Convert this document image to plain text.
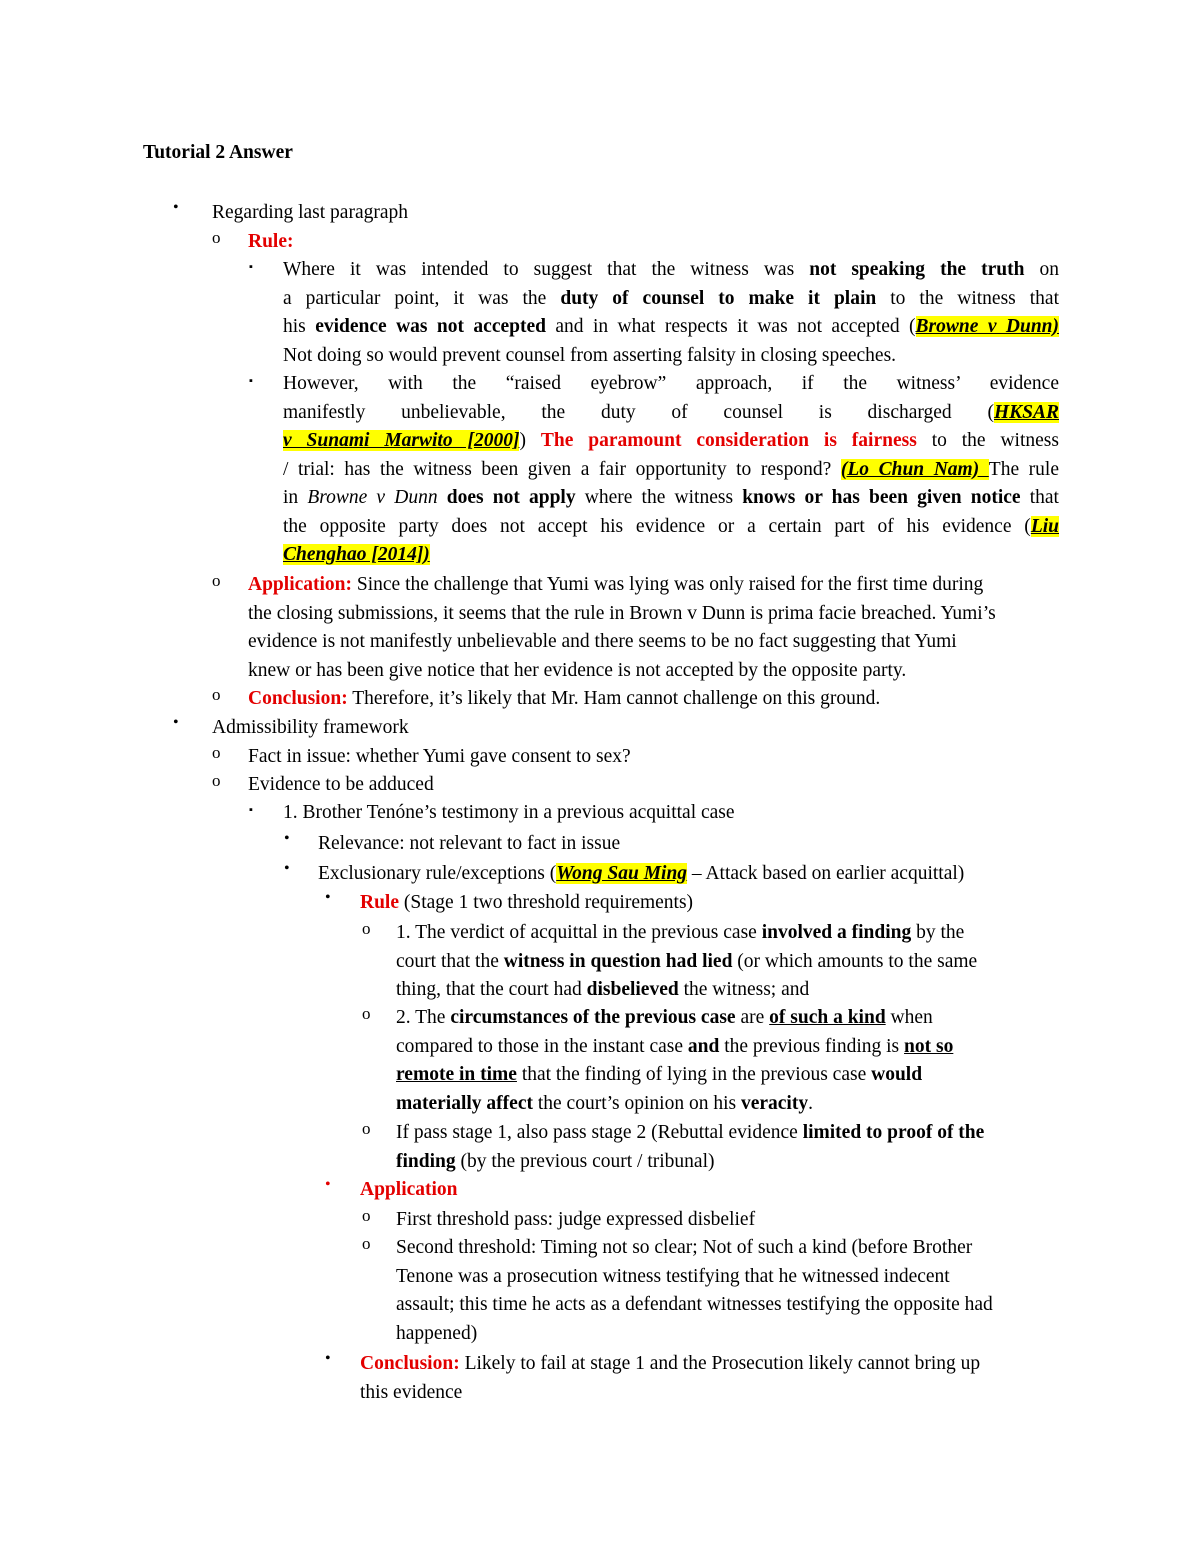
Tutorial 2 Answer
• Regarding last paragraph

o Rule:

▪ Where it was intended to suggest that the witness was not speaking the truth on

a particular point, it was the duty of counsel to make it plain to the witness that

his evidence was not accepted and in what respects it was not accepted (Browne v Dunn)

Not doing so would prevent counsel from asserting falsity in closing speeches.

▪ However, with the “raised eyebrow” approach, if the witness’ evidence

manifestly unbelievable, the duty of counsel is discharged (HKSAR

v Sunami Marwito [2000]) The paramount consideration is fairness to the witness

/ trial: has the witness been given a fair opportunity to respond? (Lo Chun Nam) The rule

in Browne v Dunn does not apply where the witness knows or has been given notice that

the opposite party does not accept his evidence or a certain part of his evidence (Liu

Chenghao [2014])

o Application: Since the challenge that Yumi was lying was only raised for the first time during

the closing submissions, it seems that the rule in Brown v Dunn is prima facie breached. Yumi’s

evidence is not manifestly unbelievable and there seems to be no fact suggesting that Yumi

knew or has been give notice that her evidence is not accepted by the opposite party.

o Conclusion: Therefore, it’s likely that Mr. Ham cannot challenge on this ground.

• Admissibility framework

o Fact in issue: whether Yumi gave consent to sex?

o Evidence to be adduced

▪ 1. Brother Tenóne’s testimony in a previous acquittal case

• Relevance: not relevant to fact in issue

• Exclusionary rule/exceptions (Wong Sau Ming – Attack based on earlier acquittal)

• Rule (Stage 1 two threshold requirements)

o 1. The verdict of acquittal in the previous case involved a finding by the

court that the witness in question had lied (or which amounts to the same

thing, that the court had disbelieved the witness; and

o 2. The circumstances of the previous case are of such a kind when

compared to those in the instant case and the previous finding is not so

remote in time that the finding of lying in the previous case would

materially affect the court’s opinion on his veracity.

o If pass stage 1, also pass stage 2 (Rebuttal evidence limited to proof of the

finding (by the previous court / tribunal)

• Application

o First threshold pass: judge expressed disbelief

o Second threshold: Timing not so clear; Not of such a kind (before Brother

Tenone was a prosecution witness testifying that he witnessed indecent

assault; this time he acts as a defendant witnesses testifying the opposite had

happened)

• Conclusion: Likely to fail at stage 1 and the Prosecution likely cannot bring up

this evidence
